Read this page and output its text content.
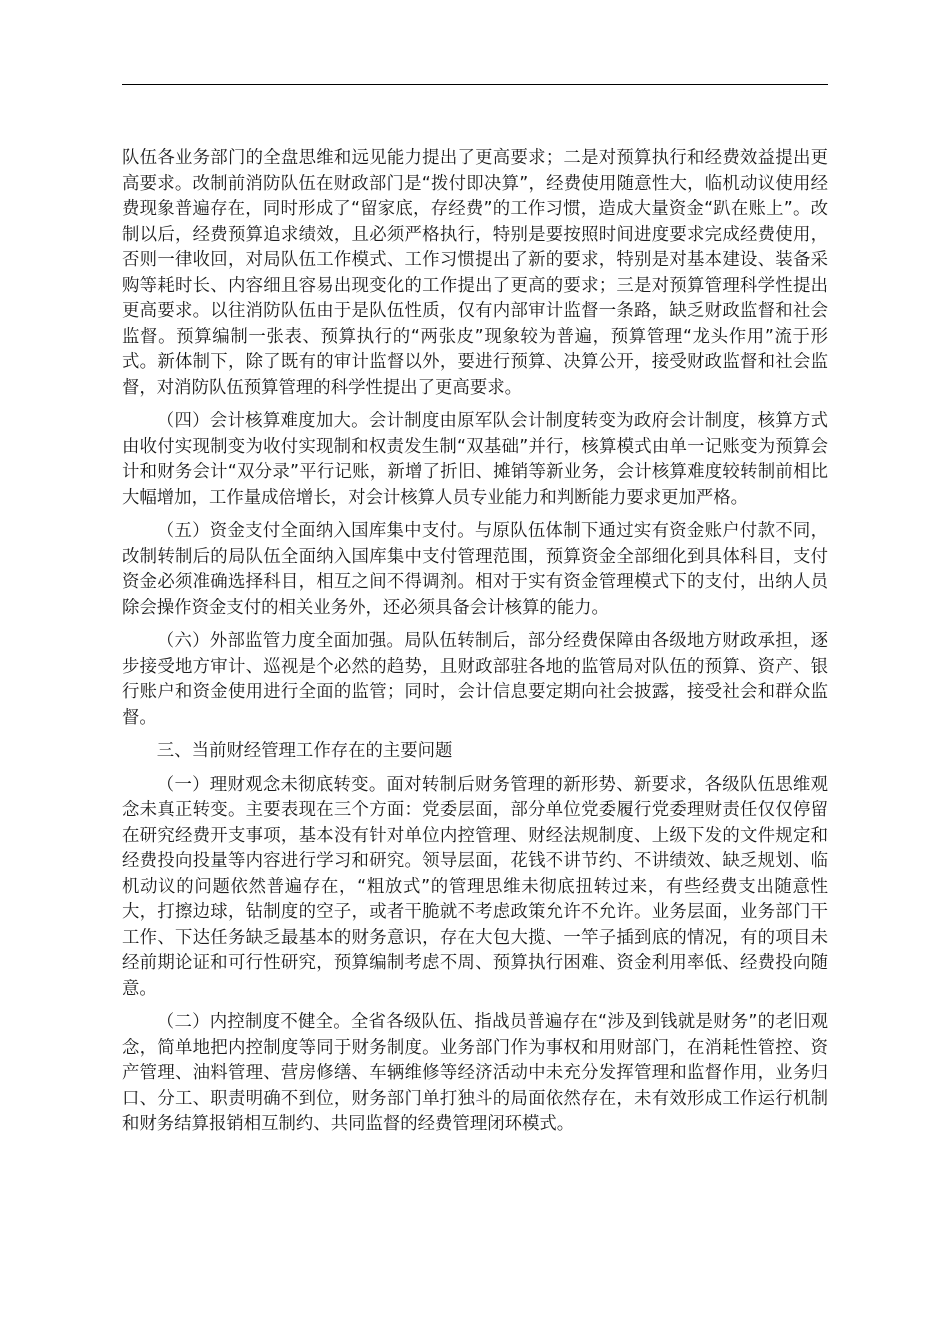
队伍各业务部门的全盘思维和远见能力提出了更高要求；二是对预算执行和经费效益提出更高要求。改制前消防队伍在财政部门是“拨付即决算”，经费使用随意性大，临机动议使用经费现象普遍存在，同时形成了“留家底，存经费”的工作习惯，造成大量资金“趴在账上”。改制以后，经费预算追求绩效，且必须严格执行，特别是要按照时间进度要求完成经费使用，否则一律收回，对局队伍工作模式、工作习惯提出了新的要求，特别是对基本建设、装备采购等耗时长、内容细且容易出现变化的工作提出了更高的要求；三是对预算管理科学性提出更高要求。以往消防队伍由于是队伍性质，仅有内部审计监督一条路，缺乏财政监督和社会监督。预算编制一张表、预算执行的“两张皮”现象较为普遍，预算管理“龙头作用”流于形式。新体制下，除了既有的审计监督以外，要进行预算、决算公开，接受财政监督和社会监督，对消防队伍预算管理的科学性提出了更高要求。

（四）会计核算难度加大。会计制度由原军队会计制度转变为政府会计制度，核算方式由收付实现制变为收付实现制和权责发生制“双基础”并行，核算模式由单一记账变为预算会计和财务会计“双分录”平行记账，新增了折旧、摊销等新业务，会计核算难度较转制前相比大幅增加，工作量成倍增长，对会计核算人员专业能力和判断能力要求更加严格。

（五）资金支付全面纳入国库集中支付。与原队伍体制下通过实有资金账户付款不同，改制转制后的局队伍全面纳入国库集中支付管理范围，预算资金全部细化到具体科目，支付资金必须准确选择科目，相互之间不得调剂。相对于实有资金管理模式下的支付，出纳人员除会操作资金支付的相关业务外，还必须具备会计核算的能力。

（六）外部监管力度全面加强。局队伍转制后，部分经费保障由各级地方财政承担，逐步接受地方审计、巡视是个必然的趋势，且财政部驻各地的监管局对队伍的预算、资产、银行账户和资金使用进行全面的监管；同时，会计信息要定期向社会披露，接受社会和群众监督。

三、当前财经管理工作存在的主要问题

（一）理财观念未彻底转变。面对转制后财务管理的新形势、新要求，各级队伍思维观念未真正转变。主要表现在三个方面：党委层面，部分单位党委履行党委理财责任仅仅停留在研究经费开支事项，基本没有针对单位内控管理、财经法规制度、上级下发的文件规定和经费投向投量等内容进行学习和研究。领导层面，花钱不讲节约、不讲绩效、缺乏规划、临机动议的问题依然普遍存在，“粗放式”的管理思维未彻底扭转过来，有些经费支出随意性大，打擦边球，钻制度的空子，或者干脆就不考虑政策允许不允许。业务层面，业务部门干工作、下达任务缺乏最基本的财务意识，存在大包大揽、一竿子插到底的情况，有的项目未经前期论证和可行性研究，预算编制考虑不周、预算执行困难、资金利用率低、经费投向随意。

（二）内控制度不健全。全省各级队伍、指战员普遍存在“涉及到钱就是财务”的老旧观念，简单地把内控制度等同于财务制度。业务部门作为事权和用财部门，在消耗性管控、资产管理、油料管理、营房修缮、车辆维修等经济活动中未充分发挥管理和监督作用，业务归口、分工、职责明确不到位，财务部门单打独斗的局面依然存在，未有效形成工作运行机制和财务结算报销相互制约、共同监督的经费管理闭环模式。
